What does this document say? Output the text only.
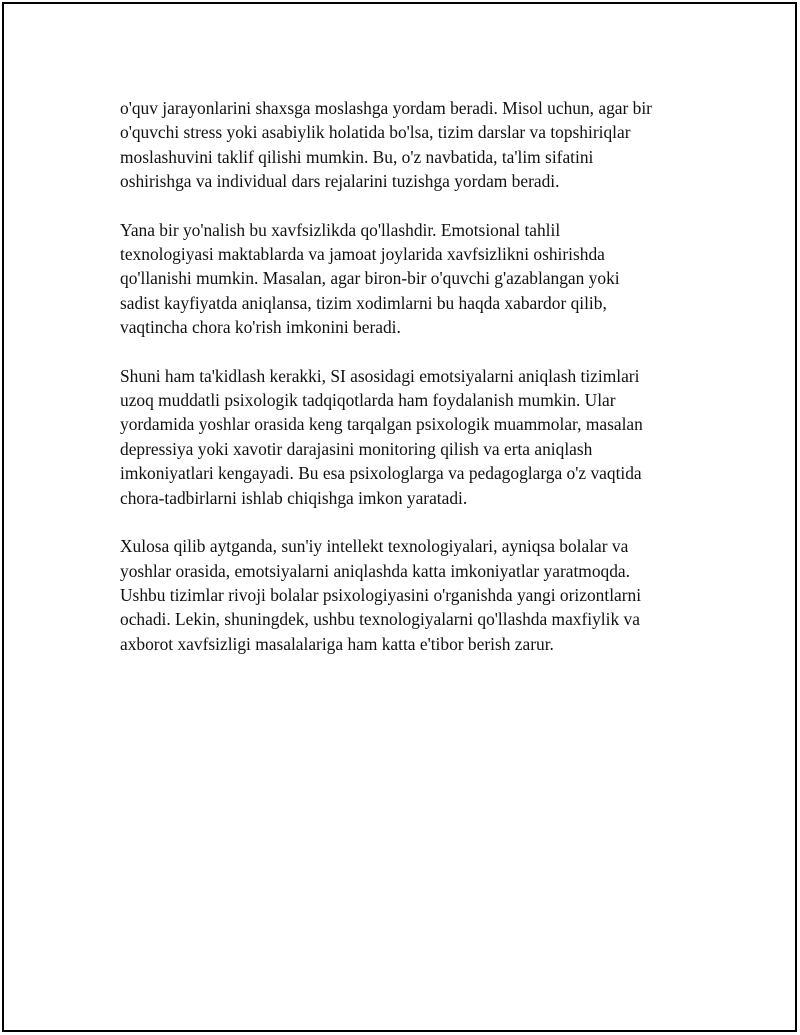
o'quv jarayonlarini shaxsga moslashga yordam beradi. Misol uchun, agar bir
o'quvchi stress yoki asabiylik holatida bo'lsa, tizim darslar va topshiriqlar
moslashuvini taklif qilishi mumkin. Bu, o'z navbatida, ta'lim sifatini
oshirishga va individual dars rejalarini tuzishga yordam beradi.

Yana bir yo'nalish bu xavfsizlikda qo'llashdir. Emotsional tahlil
texnologiyasi maktablarda va jamoat joylarida xavfsizlikni oshirishda
qo'llanishi mumkin. Masalan, agar biron-bir o'quvchi g'azablangan yoki
sadist kayfiyatda aniqlansa, tizim xodimlarni bu haqda xabardor qilib,
vaqtincha chora ko'rish imkonini beradi.

Shuni ham ta'kidlash kerakki, SI asosidagi emotsiyalarni aniqlash tizimlari
uzoq muddatli psixologik tadqiqotlarda ham foydalanish mumkin. Ular
yordamida yoshlar orasida keng tarqalgan psixologik muammolar, masalan
depressiya yoki xavotir darajasini monitoring qilish va erta aniqlash
imkoniyatlari kengayadi. Bu esa psixologlarga va pedagoglarga o'z vaqtida
chora-tadbirlarni ishlab chiqishga imkon yaratadi.

Xulosa qilib aytganda, sun'iy intellekt texnologiyalari, ayniqsa bolalar va
yoshlar orasida, emotsiyalarni aniqlashda katta imkoniyatlar yaratmoqda.
Ushbu tizimlar rivoji bolalar psixologiyasini o'rganishda yangi orizontlarni
ochadi. Lekin, shuningdek, ushbu texnologiyalarni qo'llashda maxfiylik va
axborot xavfsizligi masalalariga ham katta e'tibor berish zarur.
